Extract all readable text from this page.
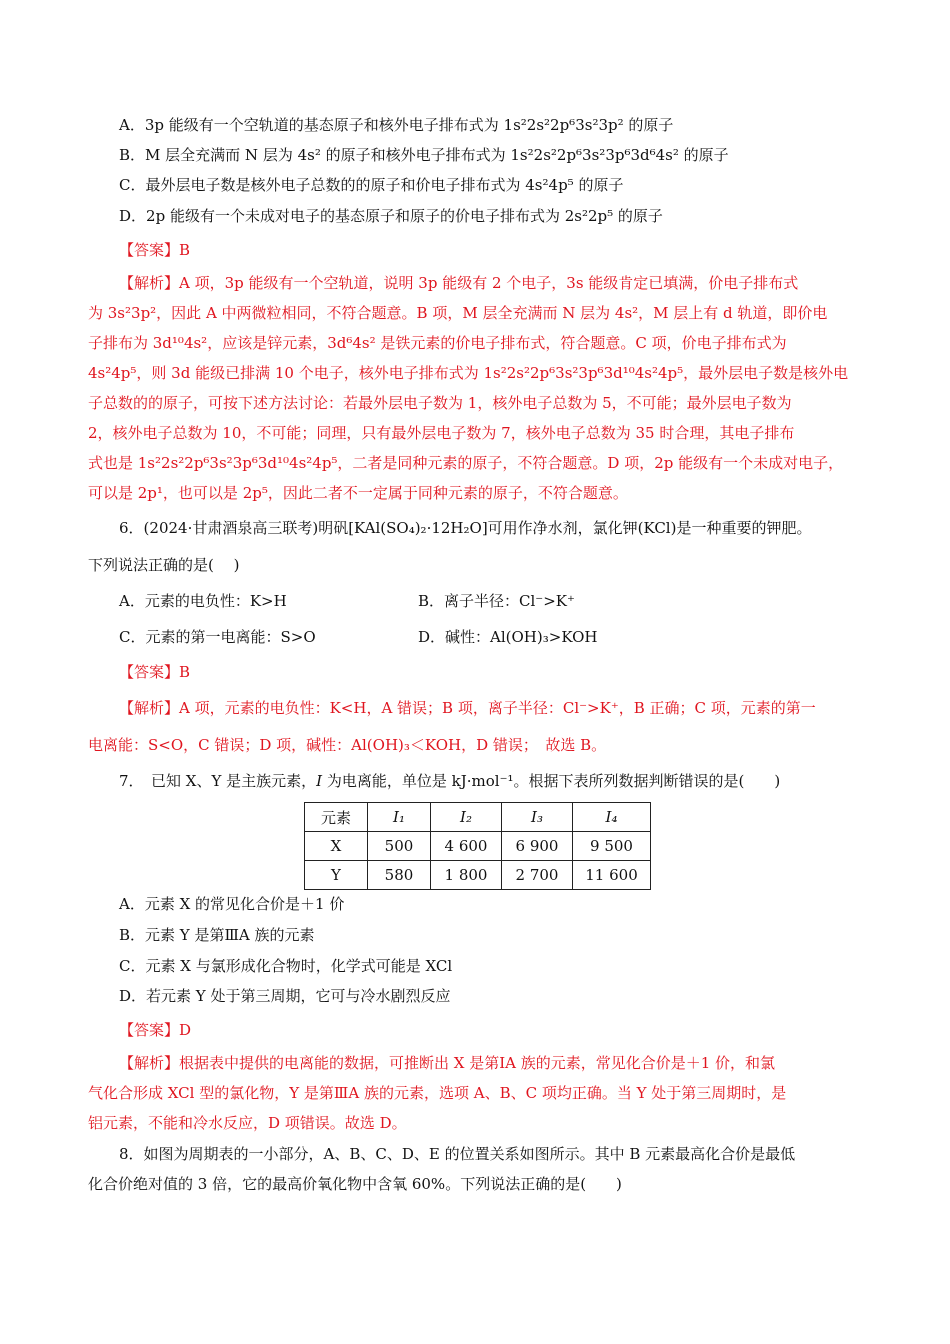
A．3p 能级有一个空轨道的基态原子和核外电子排布式为 1s²2s²2p⁶3s²3p² 的原子
B．M 层全充满而 N 层为 4s² 的原子和核外电子排布式为 1s²2s²2p⁶3s²3p⁶3d⁶4s² 的原子
C．最外层电子数是核外电子总数的的原子和价电子排布式为 4s²4p⁵ 的原子
D．2p 能级有一个未成对电子的基态原子和原子的价电子排布式为 2s²2p⁵ 的原子
【答案】B
【解析】A 项，3p 能级有一个空轨道，说明 3p 能级有 2 个电子，3s 能级肯定已填满，价电子排布式
为 3s²3p²，因此 A 中两微粒相同，不符合题意。B 项，M 层全充满而 N 层为 4s²，M 层上有 d 轨道，即价电
子排布为 3d¹⁰4s²，应该是锌元素，3d⁶4s² 是铁元素的价电子排布式，符合题意。C 项，价电子排布式为
4s²4p⁵，则 3d 能级已排满 10 个电子，核外电子排布式为 1s²2s²2p⁶3s²3p⁶3d¹⁰4s²4p⁵，最外层电子数是核外电
子总数的的原子，可按下述方法讨论：若最外层电子数为 1，核外电子总数为 5，不可能；最外层电子数为
2，核外电子总数为 10，不可能；同理，只有最外层电子数为 7，核外电子总数为 35 时合理，其电子排布
式也是 1s²2s²2p⁶3s²3p⁶3d¹⁰4s²4p⁵，二者是同种元素的原子，不符合题意。D 项，2p 能级有一个未成对电子，
可以是 2p¹，也可以是 2p⁵，因此二者不一定属于同种元素的原子，不符合题意。
6．(2024·甘肃酒泉高三联考)明矾[KAl(SO₄)₂·12H₂O]可用作净水剂，氯化钾(KCl)是一种重要的钾肥。
下列说法正确的是(　 )
A．元素的电负性：K>H	B．离子半径：Cl⁻>K⁺
C．元素的第一电离能：S>O	D．碱性：Al(OH)₃>KOH
【答案】B
【解析】A 项，元素的电负性：K<H，A 错误；B 项，离子半径：Cl⁻>K⁺，B 正确；C 项，元素的第一
电离能：S<O，C 错误；D 项，碱性：Al(OH)₃＜KOH，D 错误；　故选 B。
7．　已知 X、Y 是主族元素，I 为电离能，单位是 kJ·mol⁻¹。根据下表所列数据判断错误的是(　　)
元素	I₁	I₂	I₃	I₄
X	500	4 600	6 900	9 500
Y	580	1 800	2 700	11 600
A．元素 X 的常见化合价是＋1 价
B．元素 Y 是第ⅢA 族的元素
C．元素 X 与氯形成化合物时，化学式可能是 XCl
D．若元素 Y 处于第三周期，它可与冷水剧烈反应
【答案】D
【解析】根据表中提供的电离能的数据，可推断出 X 是第ⅠA 族的元素，常见化合价是＋1 价，和氯
气化合形成 XCl 型的氯化物，Y 是第ⅢA 族的元素，选项 A、B、C 项均正确。当 Y 处于第三周期时，是
铝元素，不能和冷水反应，D 项错误。故选 D。
8．如图为周期表的一小部分，A、B、C、D、E 的位置关系如图所示。其中 B 元素最高化合价是最低
化合价绝对值的 3 倍，它的最高价氧化物中含氧 60%。下列说法正确的是(　　)
